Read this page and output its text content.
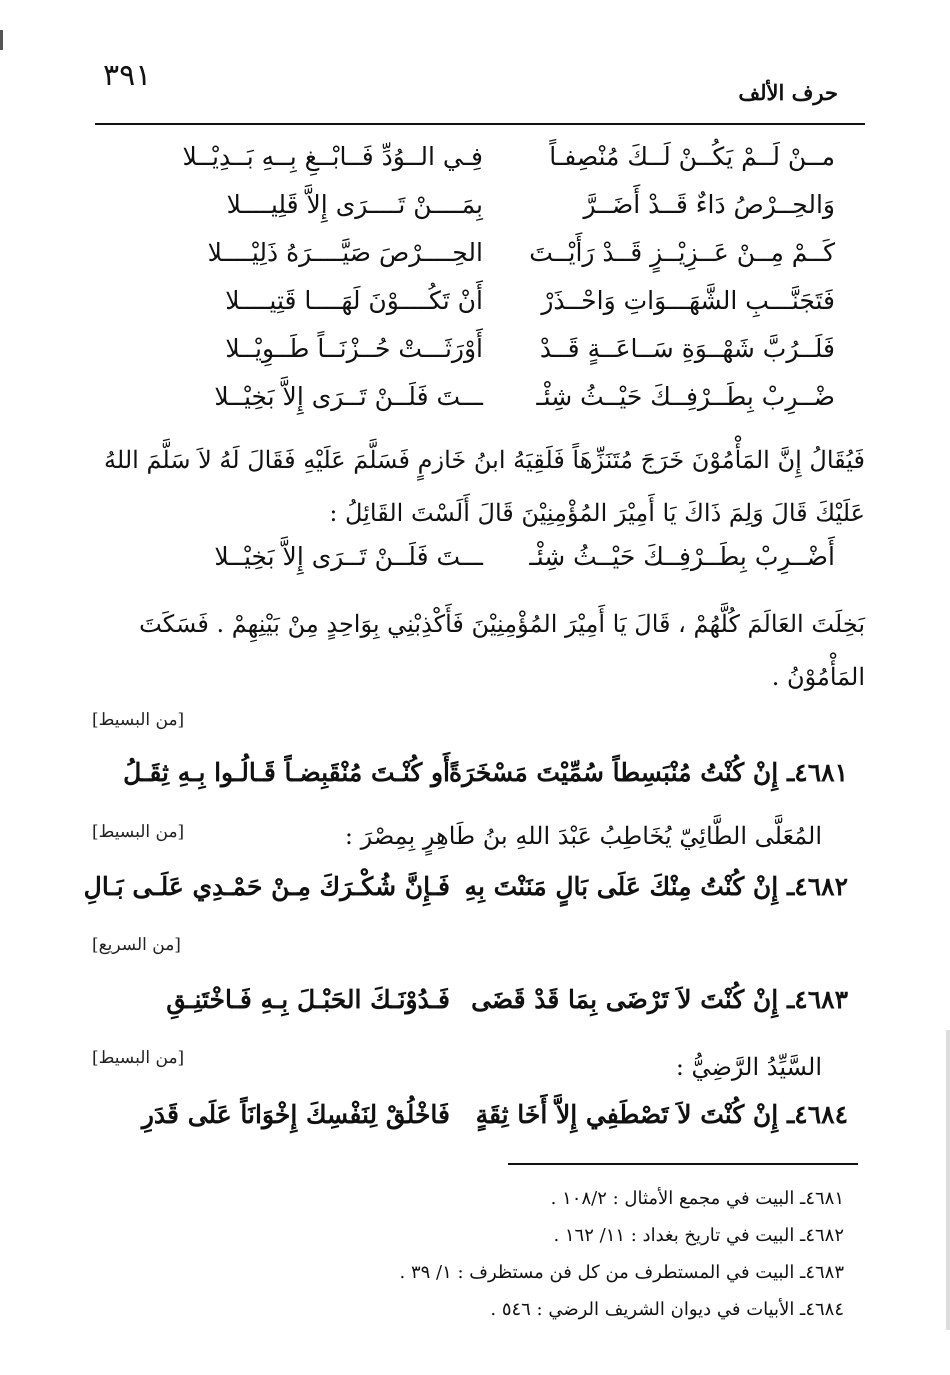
٣٩١	حرف الألف
مــنْ لَــمْ يَكُــنْ لَــكَ مُنْصِفـاً
فِـي الــوُدِّ فَــابْــغِ بِــهِ بَــدِيْــلا
وَالحِــرْصُ دَاءٌ قَــدْ أَضَــرَّ
بِمَــــنْ تَــــرَى إِلاَّ قَلِيــــلا
كَــمْ مِــنْ عَــزِيْــزٍ قَــدْ رَأَيْــتَ
الحِــــرْصَ صَيَّــــرَهُ ذَلِيْــــلا
فَتَجَنَّـــبِ الشَّهَـــوَاتِ وَاحْــذَرْ
أَنْ تَكُــــوْنَ لَهَــــا قَتِيــــلا
فَلَــرُبَّ شَهْــوَةِ سَــاعَــةٍ قَــدْ
أَوْرَثَـــتْ حُــزْنَــاً طَــوِيْــلا
ضْــرِبْ بِطَــرْفِــكَ حَيْــثُ شِئْـ
ـــتَ فَلَــنْ تَــرَى إِلاَّ بَخِيْــلا
فَيُقَالُ إِنَّ المَأْمُوْنَ خَرَجَ مُتَنَزِّهَاً فَلَقِيَهُ ابنُ خَازمٍ فَسَلَّمَ عَلَيْهِ فَقَالَ لَهُ لاَ سَلَّمَ اللهُ
عَلَيْكَ قَالَ وَلِمَ ذَاكَ يَا أَمِيْرَ المُؤْمِنِيْنَ قَالَ أَلَسْتَ القَائِلُ :
أَضْــرِبْ بِطَــرْفِــكَ حَيْــثُ شِئْـ
ـــتَ فَلَــنْ تَــرَى إِلاَّ بَخِيْــلا
بَخِلَتَ العَالَمَ كُلَّهُمْ ، قَالَ يَا أَمِيْرَ المُؤْمِنِيْنَ فَأَكْذِبْنِي بِوَاحِدٍ مِنْ بَيْنِهِمْ . فَسَكَتَ
المَأْمُوْنُ .
[من البسيط]
٤٦٨١ـ إِنْ كُنْتُ مُنْبَسِطاً سُمِّيْتَ مَسْخَرَةً
أَو كُنْـتَ مُنْقَبِضـاً قَـالُـوا بِـهِ ثِقَـلُ
[من البسيط]	المُعَلَّى الطَّائِيّ يُخَاطِبُ عَبْدَ اللهِ بنُ طَاهِرٍ بِمِصْرَ :
٤٦٨٢ـ إِنْ كُنْتُ مِنْكَ عَلَى بَالٍ مَنَنْتَ بِهِ
فَـإِنَّ شُكْـرَكَ مِـنْ حَمْـدِي عَلَـى بَـالِ
[من السريع]
٤٦٨٣ـ إِنْ كُنْتَ لاَ تَرْضَى بِمَا قَدْ قَضَى
فَـدُوْنَـكَ الحَبْـلَ بِـهِ فَـاخْتَنِـقِ
[من البسيط]	السَّيِّدُ الرَّضِيُّ :
٤٦٨٤ـ إِنْ كُنْتَ لاَ تَصْطَفِي إِلاَّ أَخَا ثِقَةٍ
فَاخْلُقْ لِنَفْسِكَ إِخْوَانَاً عَلَى قَدَرِ
٤٦٨١ـ البيت في مجمع الأمثال : ١٠٨/٢ .
٤٦٨٢ـ البيت في تاريخ بغداد : ١١/ ١٦٢ .
٤٦٨٣ـ البيت في المستطرف من كل فن مستظرف : ١/ ٣٩ .
٤٦٨٤ـ الأبيات في ديوان الشريف الرضي : ٥٤٦ .
